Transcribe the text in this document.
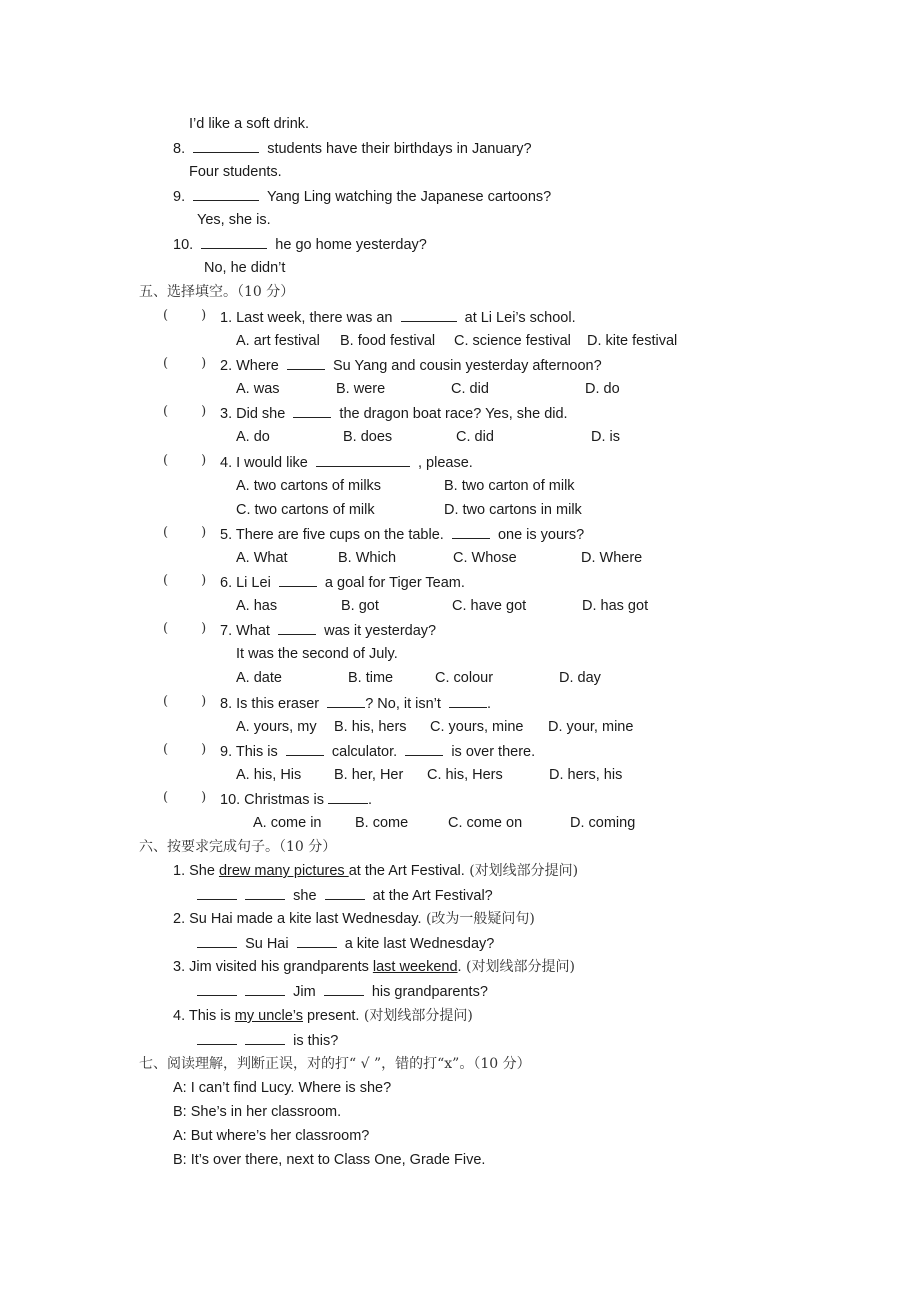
I’d like a soft drink.
8.	students have their birthdays in January?
Four students.
9.	Yang Ling watching the Japanese cartoons?
Yes, she is.
10.	he go home yesterday?
No, he didn’t
五、选择填空。（10 分）
(        ) 1. Last week, there was an	at Li Lei’s school.
A. art festival B. food festival C. science festival D. kite festival
(        ) 2. Where	Su Yang and cousin yesterday afternoon?
A. was	B. were	C. did	D. do
(        ) 3. Did she	the dragon boat race? Yes, she did.
A. do	B. does	C. did	D. is
(        ) 4. I would like	, please.
A. two cartons of milks	B. two carton of milk
C. two cartons of milk	D. two cartons in milk
(        ) 5. There are five cups on the table.	one is yours?
A. What	B. Which	C. Whose	D. Where
(        ) 6. Li Lei	a goal for Tiger Team.
A. has	B. got	C. have got	D. has got
(        ) 7. What	was it yesterday?
It was the second of July.
A. date	B. time	C. colour	D. day
(        ) 8. Is this eraser	? No, it isn’t	.
A. yours, my B. his, hers C. yours, mine D. your, mine
(        ) 9. This is	calculator.	is over there.
A. his, His B. her, Her C. his, Hers	D. hers, his
(        ) 10. Christmas is	.
A. come in B. come	C. come on	D. coming
六、按要求完成句子。（10 分）
1. She drew many pictures at the Art Festival. (对划线部分提问)
she	at the Art Festival?
2. Su Hai made a kite last Wednesday. (改为一般疑问句)
Su Hai	a kite last Wednesday?
3. Jim visited his grandparents last weekend. (对划线部分提问)
Jim	his grandparents?
4. This is my uncle’s present. (对划线部分提问)
is this?
七、阅读理解，判断正误，对的打“ √ ”，错的打“x”。（10 分）
A: I can’t find Lucy. Where is she?
B: She’s in her classroom.
A: But where’s her classroom?
B: It’s over there, next to Class One, Grade Five.
